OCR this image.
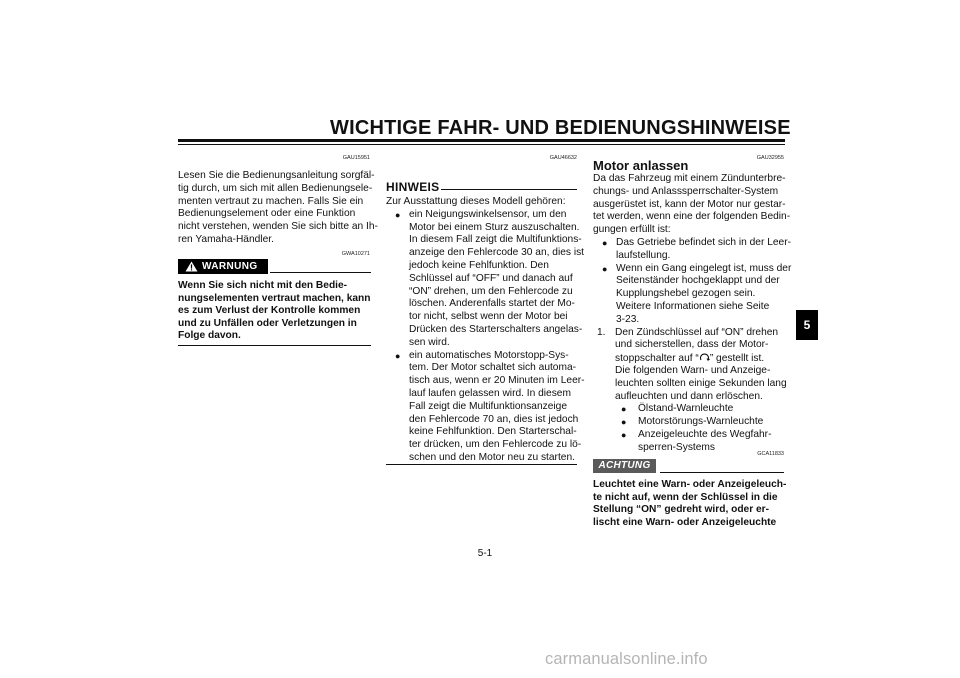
WICHTIGE FAHR- UND BEDIENUNGSHINWEISE
5
GAU15951
Lesen Sie die Bedienungsanleitung sorgfäl-
tig durch, um sich mit allen Bedienungsele-
menten vertraut zu machen. Falls Sie ein
Bedienungselement oder eine Funktion
nicht verstehen, wenden Sie sich bitte an Ih-
ren Yamaha-Händler.
GWA10271
WARNUNG
Wenn Sie sich nicht mit den Bedie-
nungselementen vertraut machen, kann
es zum Verlust der Kontrolle kommen
und zu Unfällen oder Verletzungen in
Folge davon.
GAU46632
HINWEIS
Zur Ausstattung dieses Modell gehören:
● ein Neigungswinkelsensor, um den
Motor bei einem Sturz auszuschalten.
In diesem Fall zeigt die Multifunktions-
anzeige den Fehlercode 30 an, dies ist
jedoch keine Fehlfunktion. Den
Schlüssel auf “OFF” und danach auf
“ON” drehen, um den Fehlercode zu
löschen. Anderenfalls startet der Mo-
tor nicht, selbst wenn der Motor bei
Drücken des Starterschalters angelas-
sen wird.
● ein automatisches Motorstopp-Sys-
tem. Der Motor schaltet sich automa-
tisch aus, wenn er 20 Minuten im Leer-
lauf laufen gelassen wird. In diesem
Fall zeigt die Multifunktionsanzeige
den Fehlercode 70 an, dies ist jedoch
keine Fehlfunktion. Den Starterschal-
ter drücken, um den Fehlercode zu lö-
schen und den Motor neu zu starten.
GAU32955
Motor anlassen
Da das Fahrzeug mit einem Zündunterbre-
chungs- und Anlasssperrschalter-System
ausgerüstet ist, kann der Motor nur gestar-
tet werden, wenn eine der folgenden Bedin-
gungen erfüllt ist:
● Das Getriebe befindet sich in der Leer-
laufstellung.
● Wenn ein Gang eingelegt ist, muss der
Seitenständer hochgeklappt und der
Kupplungshebel gezogen sein.
Weitere Informationen siehe Seite
3-23.
1. Den Zündschlüssel auf “ON” drehen
und sicherstellen, dass der Motor-
stoppschalter auf “ ” gestellt ist.
Die folgenden Warn- und Anzeige-
leuchten sollten einige Sekunden lang
aufleuchten und dann erlöschen.
● Ölstand-Warnleuchte
● Motorstörungs-Warnleuchte
● Anzeigeleuchte des Wegfahr-
sperren-Systems
GCA11833
ACHTUNG
Leuchtet eine Warn- oder Anzeigeleuch-
te nicht auf, wenn der Schlüssel in die
Stellung “ON” gedreht wird, oder er-
lischt eine Warn- oder Anzeigeleuchte
5-1
carmanualsonline.info
